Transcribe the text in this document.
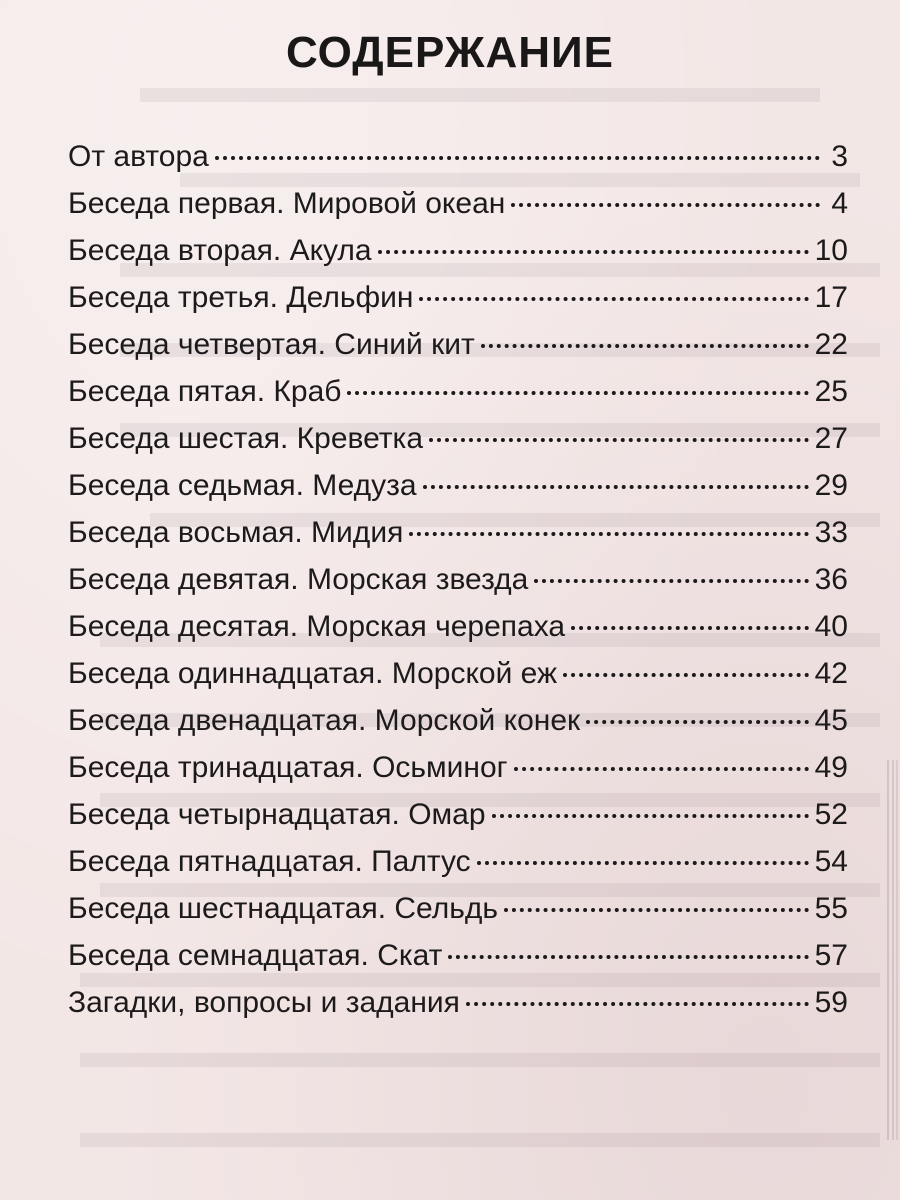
СОДЕРЖАНИЕ
От автора	3
Беседа первая. Мировой океан	4
Беседа вторая. Акула	10
Беседа третья. Дельфин	17
Беседа четвертая. Синий кит	22
Беседа пятая. Краб	25
Беседа шестая. Креветка	27
Беседа седьмая. Медуза	29
Беседа восьмая. Мидия	33
Беседа девятая. Морская звезда	36
Беседа десятая. Морская черепаха	40
Беседа одиннадцатая. Морской еж	42
Беседа двенадцатая. Морской конек	45
Беседа тринадцатая. Осьминог	49
Беседа четырнадцатая. Омар	52
Беседа пятнадцатая. Палтус	54
Беседа шестнадцатая. Сельдь	55
Беседа семнадцатая. Скат	57
Загадки, вопросы и задания	59
